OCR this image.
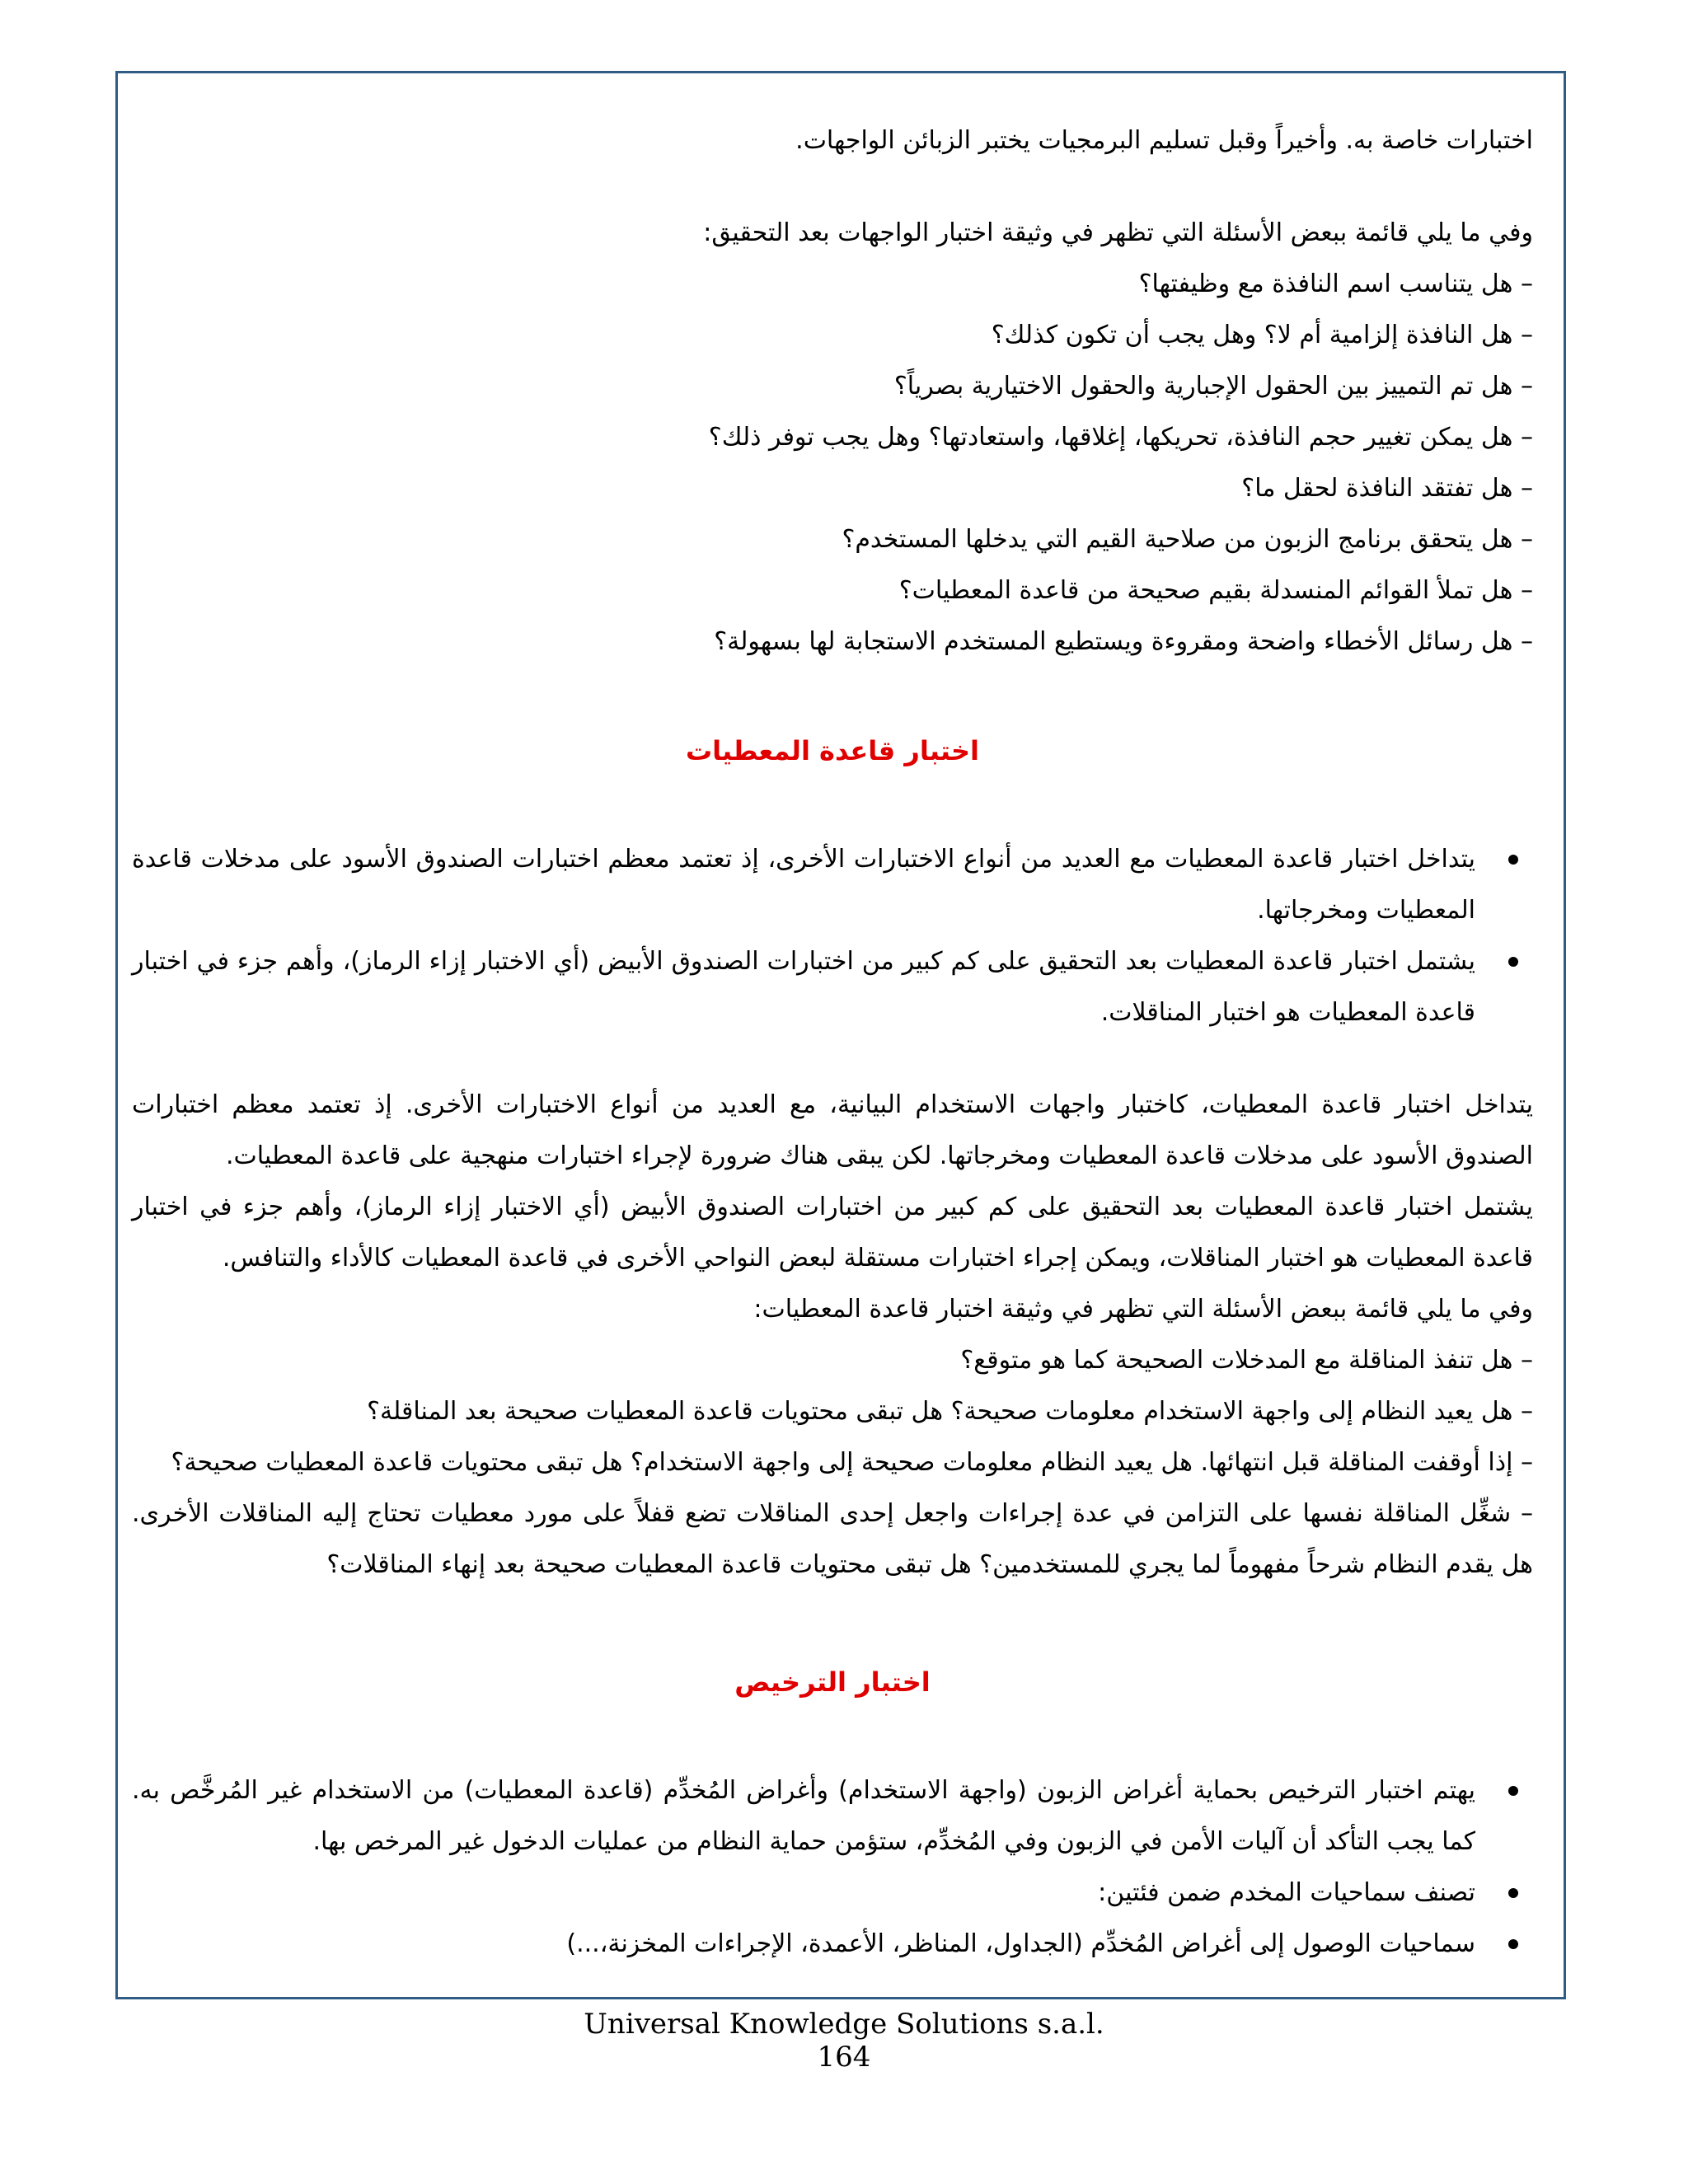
اختبارات خاصة به. وأخيراً وقبل تسليم البرمجيات يختبر الزبائن الواجهات.

وفي ما يلي قائمة ببعض الأسئلة التي تظهر في وثيقة اختبار الواجهات بعد التحقيق:

– هل يتناسب اسم النافذة مع وظيفتها؟
– هل النافذة إلزامية أم لا؟ وهل يجب أن تكون كذلك؟
– هل تم التمييز بين الحقول الإجبارية والحقول الاختيارية بصرياً؟
– هل يمكن تغيير حجم النافذة، تحريكها، إغلاقها، واستعادتها؟ وهل يجب توفر ذلك؟
– هل تفتقد النافذة لحقل ما؟
– هل يتحقق برنامج الزبون من صلاحية القيم التي يدخلها المستخدم؟
– هل تملأ القوائم المنسدلة بقيم صحيحة من قاعدة المعطيات؟
– هل رسائل الأخطاء واضحة ومقروءة ويستطيع المستخدم الاستجابة لها بسهولة؟
اختبار قاعدة المعطيات
يتداخل اختبار قاعدة المعطيات مع العديد من أنواع الاختبارات الأخرى، إذ تعتمد معظم اختبارات الصندوق الأسود على مدخلات قاعدة المعطيات ومخرجاتها.
يشتمل اختبار قاعدة المعطيات بعد التحقيق على كم كبير من اختبارات الصندوق الأبيض (أي الاختبار إزاء الرماز)، وأهم جزء في اختبار قاعدة المعطيات هو اختبار المناقلات.

يتداخل اختبار قاعدة المعطيات، كاختبار واجهات الاستخدام البيانية، مع العديد من أنواع الاختبارات الأخرى. إذ تعتمد معظم اختبارات الصندوق الأسود على مدخلات قاعدة المعطيات ومخرجاتها. لكن يبقى هناك ضرورة لإجراء اختبارات منهجية على قاعدة المعطيات.

يشتمل اختبار قاعدة المعطيات بعد التحقيق على كم كبير من اختبارات الصندوق الأبيض (أي الاختبار إزاء الرماز)، وأهم جزء في اختبار قاعدة المعطيات هو اختبار المناقلات، ويمكن إجراء اختبارات مستقلة لبعض النواحي الأخرى في قاعدة المعطيات كالأداء والتنافس.

وفي ما يلي قائمة ببعض الأسئلة التي تظهر في وثيقة اختبار قاعدة المعطيات:

– هل تنفذ المناقلة مع المدخلات الصحيحة كما هو متوقع؟
– هل يعيد النظام إلى واجهة الاستخدام معلومات صحيحة؟ هل تبقى محتويات قاعدة المعطيات صحيحة بعد المناقلة؟
– إذا أوقفت المناقلة قبل انتهائها. هل يعيد النظام معلومات صحيحة إلى واجهة الاستخدام؟ هل تبقى محتويات قاعدة المعطيات صحيحة؟
– شغِّل المناقلة نفسها على التزامن في عدة إجراءات واجعل إحدى المناقلات تضع قفلاً على مورد معطيات تحتاج إليه المناقلات الأخرى. هل يقدم النظام شرحاً مفهوماً لما يجري للمستخدمين؟ هل تبقى محتويات قاعدة المعطيات صحيحة بعد إنهاء المناقلات؟
اختبار الترخيص
يهتم اختبار الترخيص بحماية أغراض الزبون (واجهة الاستخدام) وأغراض المُخدِّم (قاعدة المعطيات) من الاستخدام غير المُرخَّص به. كما يجب التأكد أن آليات الأمن في الزبون وفي المُخدِّم، ستؤمن حماية النظام من عمليات الدخول غير المرخص بها.
تصنف سماحيات المخدم ضمن فئتين:
سماحيات الوصول إلى أغراض المُخدِّم (الجداول، المناظر، الأعمدة، الإجراءات المخزنة،...)
Universal Knowledge Solutions s.a.l.
164
